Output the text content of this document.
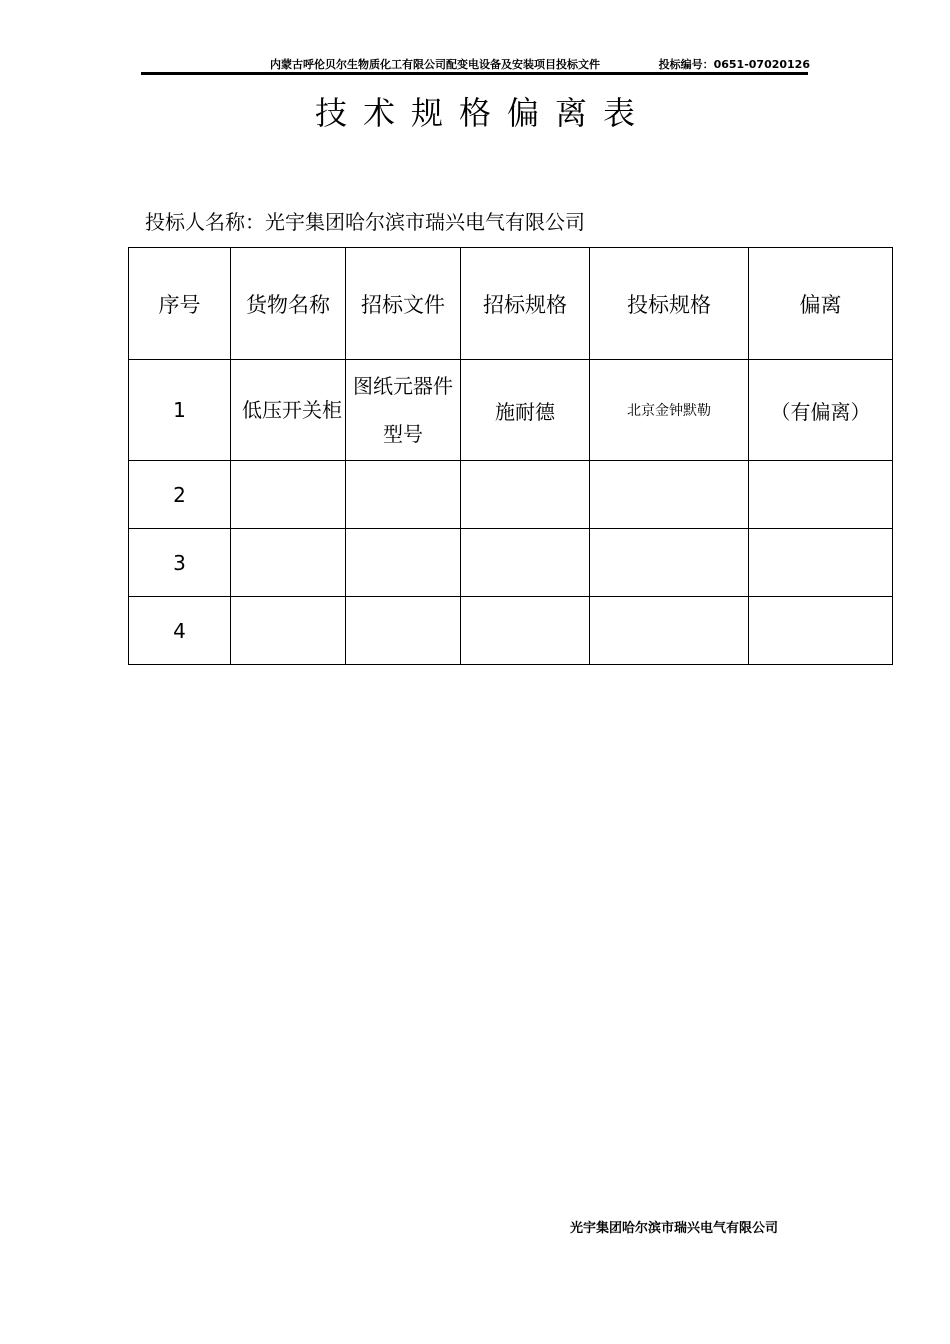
内蒙古呼伦贝尔生物质化工有限公司配变电设备及安装项目投标文件	投标编号：0651-07020126
技术规格偏离表
投标人名称：光宇集团哈尔滨市瑞兴电气有限公司
序号	货物名称	招标文件	招标规格	投标规格	偏离
1	低压开关柜	图纸元器件型号	施耐德	北京金钟默勒	（有偏离）
2					
3					
4					
光宇集团哈尔滨市瑞兴电气有限公司
